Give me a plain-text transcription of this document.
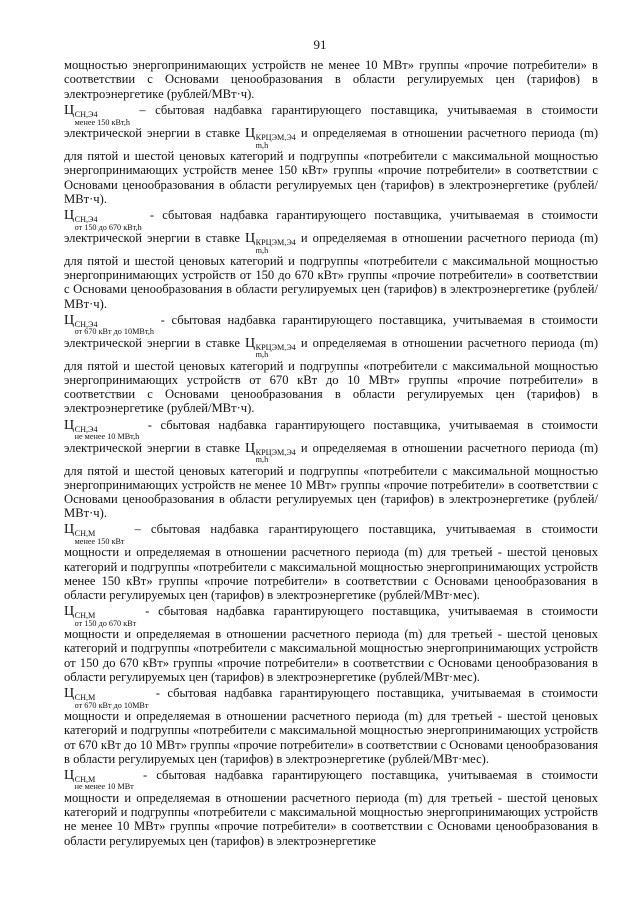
91

мощностью энергопринимающих устройств не менее 10 МВт» группы «прочие потребители» в соответствии с Основами ценообразования в области регулируемых цен (тарифов) в электроэнергетике (рублей/МВт·ч).

Ц СН,Э4
менее 150 кВт,h
– сбытовая надбавка гарантирующего поставщика, учитываемая в стоимости электрической энергии в ставке Ц КРЦЭМ,Э4
m,h
и определяемая в отношении расчетного периода (m) для пятой и шестой ценовых категорий и подгруппы «потребители с максимальной мощностью энергопринимающих устройств менее 150 кВт» группы «прочие потребители» в соответствии с Основами ценообразования в области регулируемых цен (тарифов) в электроэнергетике (рублей/МВт·ч).

Ц СН,Э4
от 150 до 670 кВт,h
- сбытовая надбавка гарантирующего поставщика, учитываемая в стоимости электрической энергии в ставке Ц КРЦЭМ,Э4
m,h
и определяемая в отношении расчетного периода (m) для пятой и шестой ценовых категорий и подгруппы «потребители с максимальной мощностью энергопринимающих устройств от 150 до 670 кВт» группы «прочие потребители» в соответствии с Основами ценообразования в области регулируемых цен (тарифов) в электроэнергетике (рублей/МВт·ч).

Ц СН,Э4
от 670 кВт до 10МВт,h
- сбытовая надбавка гарантирующего поставщика, учитываемая в стоимости электрической энергии в ставке Ц КРЦЭМ,Э4
m,h
и определяемая в отношении расчетного периода (m) для пятой и шестой ценовых категорий и подгруппы «потребители с максимальной мощностью энергопринимающих устройств от 670 кВт до 10 МВт» группы «прочие потребители» в соответствии с Основами ценообразования в области регулируемых цен (тарифов) в электроэнергетике (рублей/МВт·ч).

Ц СН,Э4
не менее 10 МВт,h
- сбытовая надбавка гарантирующего поставщика, учитываемая в стоимости электрической энергии в ставке Ц КРЦЭМ,Э4
m,h
и определяемая в отношении расчетного периода (m) для пятой и шестой ценовых категорий и подгруппы «потребители с максимальной мощностью энергопринимающих устройств не менее 10 МВт» группы «прочие потребители» в соответствии с Основами ценообразования в области регулируемых цен (тарифов) в электроэнергетике (рублей/МВт·ч).

Ц СН,М
менее 150 кВт
– сбытовая надбавка гарантирующего поставщика, учитываемая в стоимости мощности и определяемая в отношении расчетного периода (m) для третьей - шестой ценовых категорий и подгруппы «потребители с максимальной мощностью энергопринимающих устройств менее 150 кВт» группы «прочие потребители» в соответствии с Основами ценообразования в области регулируемых цен (тарифов) в электроэнергетике (рублей/МВт·мес).

Ц СН,М
от 150 до 670 кВт
- сбытовая надбавка гарантирующего поставщика, учитываемая в стоимости мощности и определяемая в отношении расчетного периода (m) для третьей - шестой ценовых категорий и подгруппы «потребители с максимальной мощностью энергопринимающих устройств от 150 до 670 кВт» группы «прочие потребители» в соответствии с Основами ценообразования в области регулируемых цен (тарифов) в электроэнергетике (рублей/МВт·мес).

Ц СН,М
от 670 кВт до 10МВт
- сбытовая надбавка гарантирующего поставщика, учитываемая в стоимости мощности и определяемая в отношении расчетного периода (m) для третьей - шестой ценовых категорий и подгруппы «потребители с максимальной мощностью энергопринимающих устройств от 670 кВт до 10 МВт» группы «прочие потребители» в соответствии с Основами ценообразования в области регулируемых цен (тарифов) в электроэнергетике (рублей/МВт·мес).

Ц СН,М
не менее 10 МВт
- сбытовая надбавка гарантирующего поставщика, учитываемая в стоимости мощности и определяемая в отношении расчетного периода (m) для третьей - шестой ценовых категорий и подгруппы «потребители с максимальной мощностью энергопринимающих устройств не менее 10 МВт» группы «прочие потребители» в соответствии с Основами ценообразования в области регулируемых цен (тарифов) в электроэнергетике
